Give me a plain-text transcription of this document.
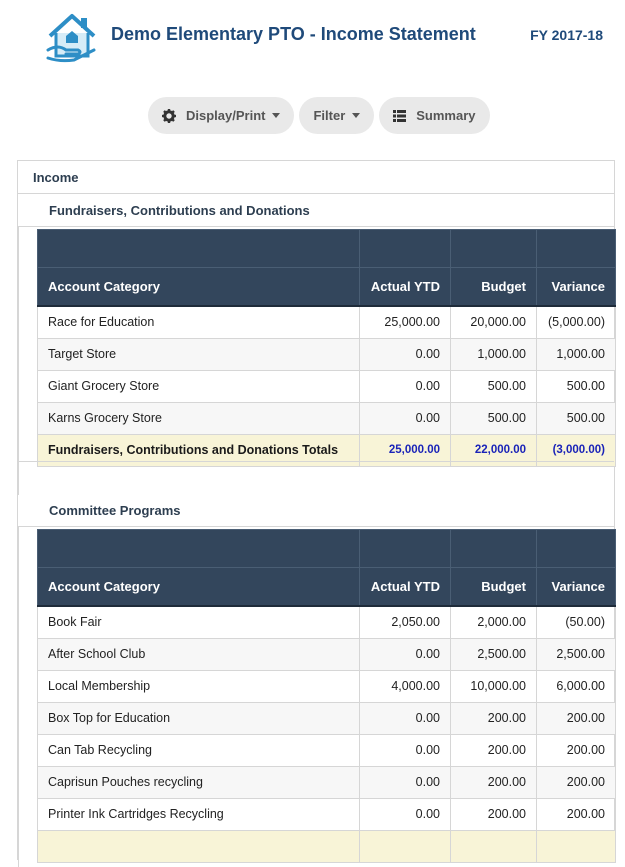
Demo Elementary PTO - Income Statement	FY 2017-18
Display/Print	Filter	Summary
Income
Fundraisers, Contributions and Donations

Account Category	Actual YTD	Budget	Variance
Race for Education	25,000.00	20,000.00	(5,000.00)
Target Store	0.00	1,000.00	1,000.00
Giant Grocery Store	0.00	500.00	500.00
Karns Grocery Store	0.00	500.00	500.00
Fundraisers, Contributions and Donations Totals	25,000.00	22,000.00	(3,000.00)
Committee Programs

Account Category	Actual YTD	Budget	Variance
Book Fair	2,050.00	2,000.00	(50.00)
After School Club	0.00	2,500.00	2,500.00
Local Membership	4,000.00	10,000.00	6,000.00
Box Top for Education	0.00	200.00	200.00
Can Tab Recycling	0.00	200.00	200.00
Caprisun Pouches recycling	0.00	200.00	200.00
Printer Ink Cartridges Recycling	0.00	200.00	200.00
